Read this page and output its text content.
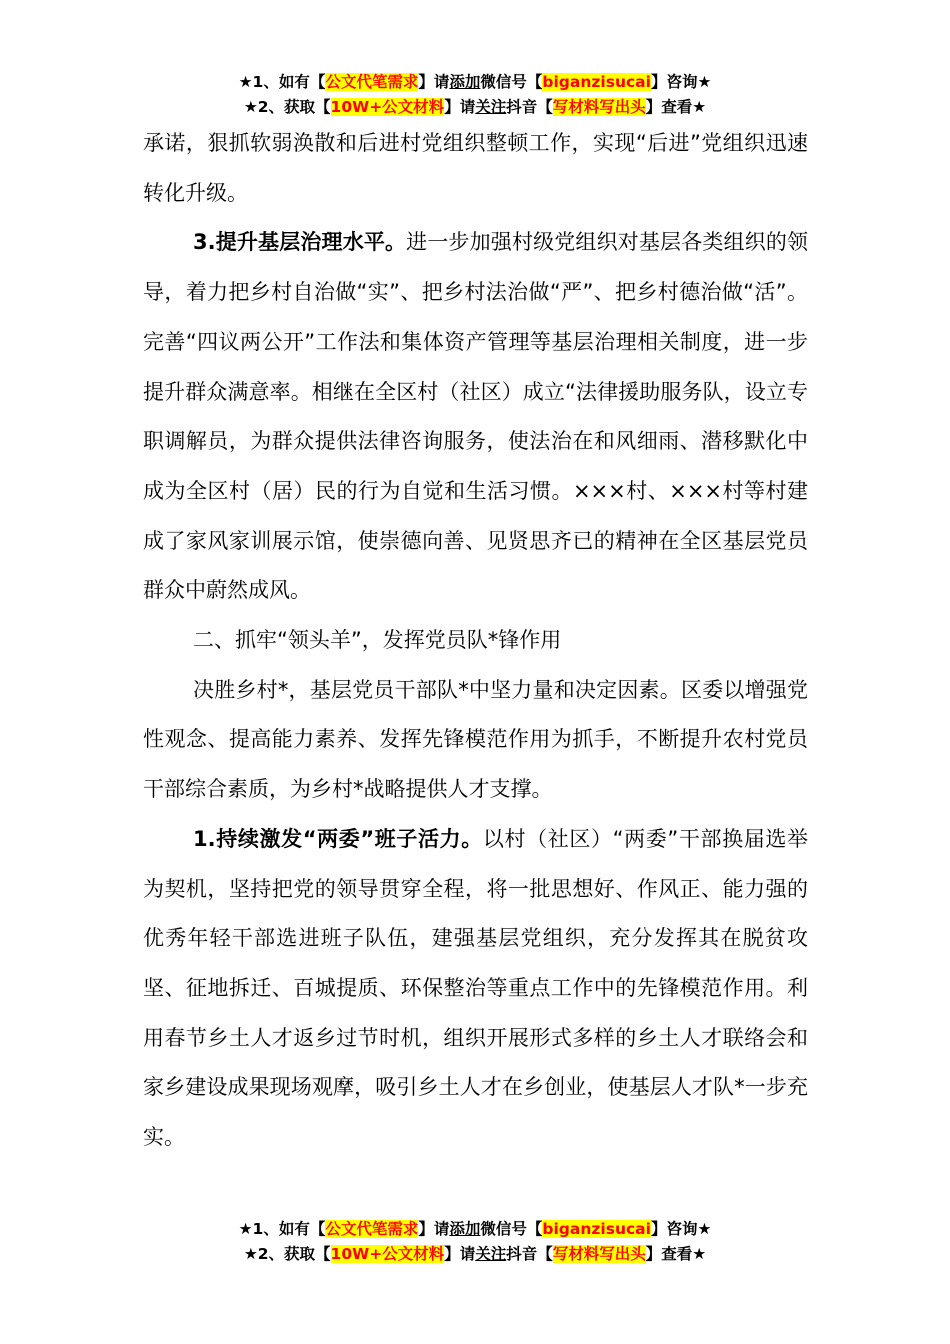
★1、如有【公文代笔需求】请添加微信号【biganzisucai】咨询★
★2、获取【10W+公文材料】请关注抖音【写材料写出头】查看★

承诺，狠抓软弱涣散和后进村党组织整顿工作，实现“后进”党组织迅速转化升级。

3.提升基层治理水平。进一步加强村级党组织对基层各类组织的领导，着力把乡村自治做“实”、把乡村法治做“严”、把乡村德治做“活”。完善“四议两公开”工作法和集体资产管理等基层治理相关制度，进一步提升群众满意率。相继在全区村（社区）成立“法律援助服务队，设立专职调解员，为群众提供法律咨询服务，使法治在和风细雨、潜移默化中成为全区村（居）民的行为自觉和生活习惯。×××村、×××村等村建成了家风家训展示馆，使崇德向善、见贤思齐已的精神在全区基层党员群众中蔚然成风。

二、抓牢“领头羊”，发挥党员队*锋作用

决胜乡村*，基层党员干部队*中坚力量和决定因素。区委以增强党性观念、提高能力素养、发挥先锋模范作用为抓手，不断提升农村党员干部综合素质，为乡村*战略提供人才支撑。

1.持续激发“两委”班子活力。以村（社区）“两委”干部换届选举为契机，坚持把党的领导贯穿全程，将一批思想好、作风正、能力强的优秀年轻干部选进班子队伍，建强基层党组织，充分发挥其在脱贫攻坚、征地拆迁、百城提质、环保整治等重点工作中的先锋模范作用。利用春节乡土人才返乡过节时机，组织开展形式多样的乡土人才联络会和家乡建设成果现场观摩，吸引乡土人才在乡创业，使基层人才队*一步充实。

★1、如有【公文代笔需求】请添加微信号【biganzisucai】咨询★
★2、获取【10W+公文材料】请关注抖音【写材料写出头】查看★
